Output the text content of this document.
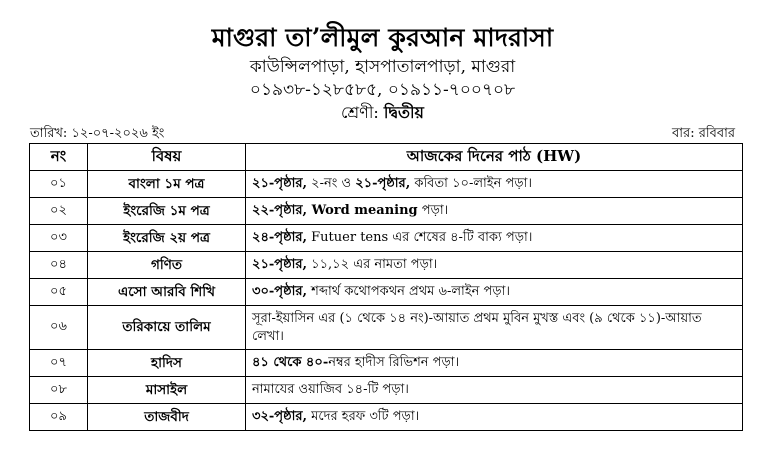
মাগুরা তা’লীমুল কুরআন মাদরাসা
কাউন্সিলপাড়া, হাসপাতালপাড়া, মাগুরা
০১৯৩৮-১২৮৫৮৫, ০১৯১১-৭০০৭০৮
শ্রেণী: দ্বিতীয়
তারিখ: ১২-০৭-২০২৬ ইং	বার: রবিবার
নং	বিষয়	আজকের দিনের পাঠ (HW)
০১	বাংলা ১ম পত্র	২১-পৃষ্ঠার, ২-নং ও ২১-পৃষ্ঠার, কবিতা ১০-লাইন পড়া।
০২	ইংরেজি ১ম পত্র	২২-পৃষ্ঠার, Word meaning পড়া।
০৩	ইংরেজি ২য় পত্র	২৪-পৃষ্ঠার, Futuer tens এর শেষের ৪-টি বাক্য পড়া।
০৪	গণিত	২১-পৃষ্ঠার, ১১,১২ এর নামতা পড়া।
০৫	এসো আরবি শিখি	৩০-পৃষ্ঠার, শব্দার্থ কথোপকথন প্রথম ৬-লাইন পড়া।
০৬	তরিকায়ে তালিম	সূরা-ইয়াসিন এর (১ থেকে ১৪ নং)-আয়াত প্রথম মুবিন মুখস্ত এবং (৯ থেকে ১১)-আয়াত লেখা।
০৭	হাদিস	৪১ থেকে ৪০-নম্বর হাদীস রিভিশন পড়া।
০৮	মাসাইল	নামাযের ওয়াজিব ১৪-টি পড়া।
০৯	তাজবীদ	৩২-পৃষ্ঠার, মদের হরফ ৩টি পড়া।
